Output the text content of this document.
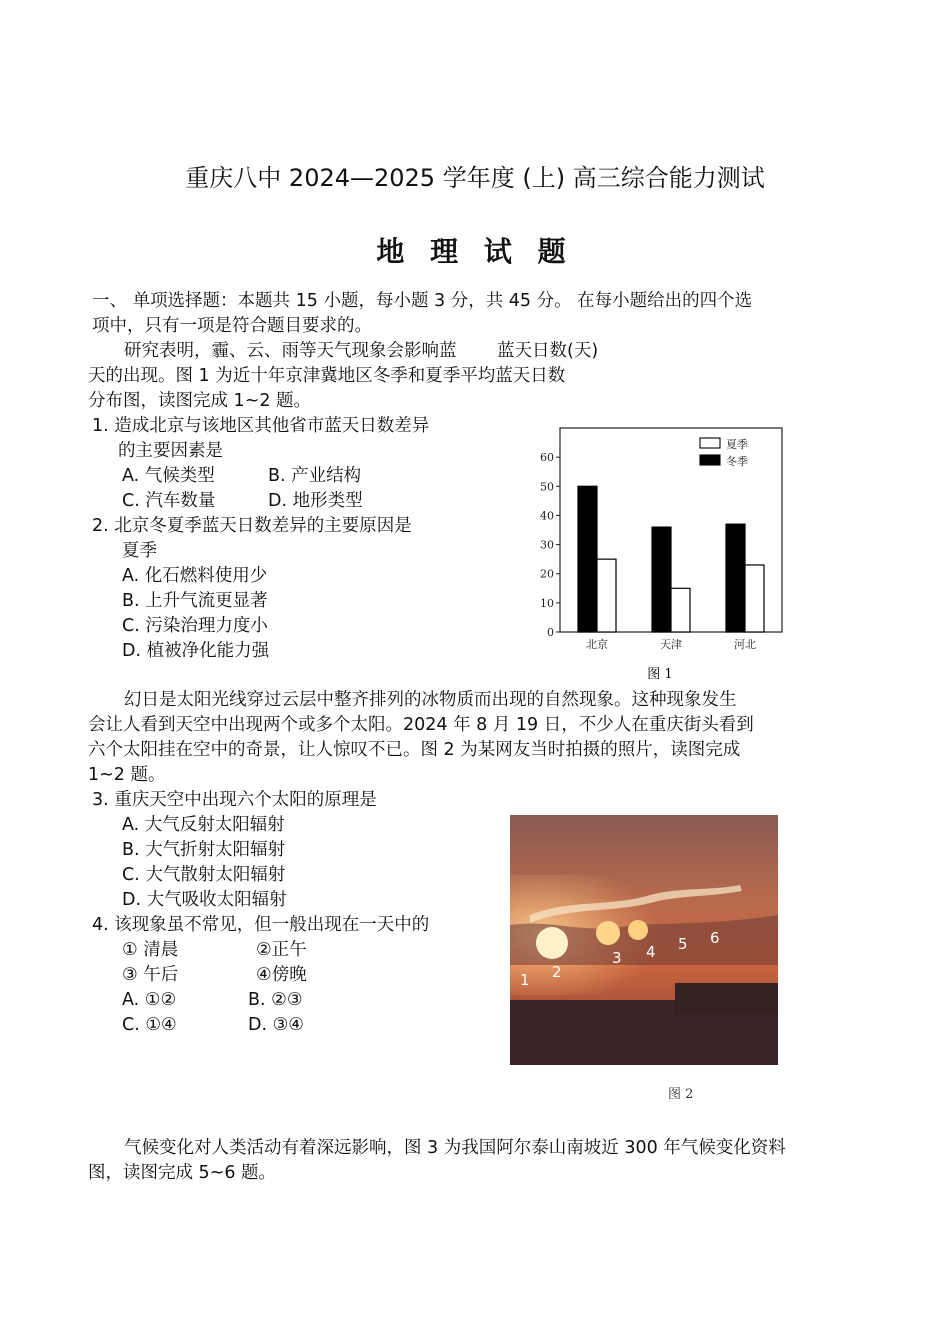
重庆八中 2024—2025 学年度 (上) 高三综合能力测试
地 理 试 题
一、 单项选择题：本题共 15 小题，每小题 3 分，共 45 分。 在每小题给出的四个选
项中，只有一项是符合题目要求的。
研究表明，霾、云、雨等天气现象会影响蓝 蓝天日数(天)
天的出现。图 1 为近十年京津冀地区冬季和夏季平均蓝天日数
分布图，读图完成 1~2 题。
1. 造成北京与该地区其他省市蓝天日数差异
的主要因素是
A. 气候类型	B. 产业结构
C. 汽车数量	D. 地形类型
2. 北京冬夏季蓝天日数差异的主要原因是
夏季
A. 化石燃料使用少
B. 上升气流更显著
C. 污染治理力度小
D. 植被净化能力强
0
10
20
30
40
50
60
北京	天津	河北
夏季
冬季
图 1
幻日是太阳光线穿过云层中整齐排列的冰物质而出现的自然现象。这种现象发生
会让人看到天空中出现两个或多个太阳。2024 年 8 月 19 日，不少人在重庆街头看到
六个太阳挂在空中的奇景，让人惊叹不已。图 2 为某网友当时拍摄的照片，读图完成
1~2 题。
3. 重庆天空中出现六个太阳的原理是
A. 大气反射太阳辐射
B. 大气折射太阳辐射
C. 大气散射太阳辐射
D. 大气吸收太阳辐射
4. 该现象虽不常见，但一般出现在一天中的
① 清晨	②正午
③ 午后	④傍晚
A. ①②	B. ②③
C. ①④	D. ③④
1 2
3 4 5 6
图 2
气候变化对人类活动有着深远影响，图 3 为我国阿尔泰山南坡近 300 年气候变化资料
图，读图完成 5~6 题。
